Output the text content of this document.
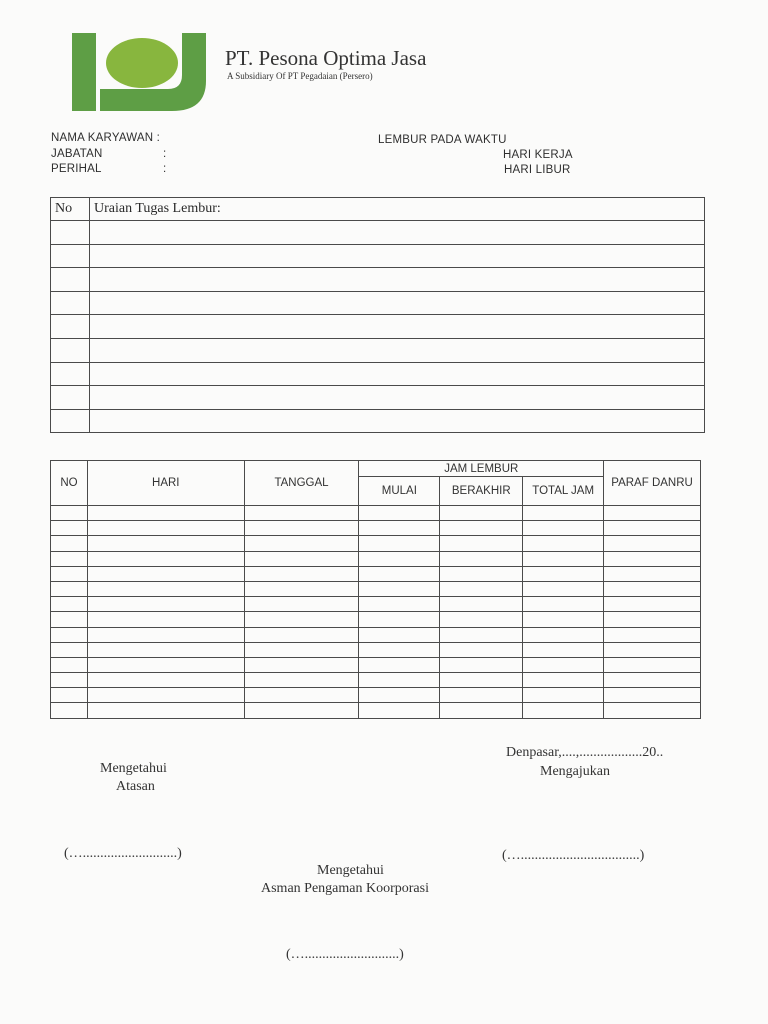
PT. Pesona Optima Jasa
A Subsidiary Of PT Pegadaian (Persero)
NAMA KARYAWAN :
JABATAN	:
PERIHAL	:
LEMBUR PADA WAKTU
HARI KERJA
HARI LIBUR
No	Uraian Tugas Lembur:

NO	HARI	TANGGAL	JAM LEMBUR			PARAF DANRU
			MULAI	BERAKHIR	TOTAL JAM	

Denpasar,....,..................20..
Mengajukan
Mengetahui
Atasan
(…...........................)	(…..................................)
Mengetahui
Asman Pengaman Koorporasi
(…...........................)
